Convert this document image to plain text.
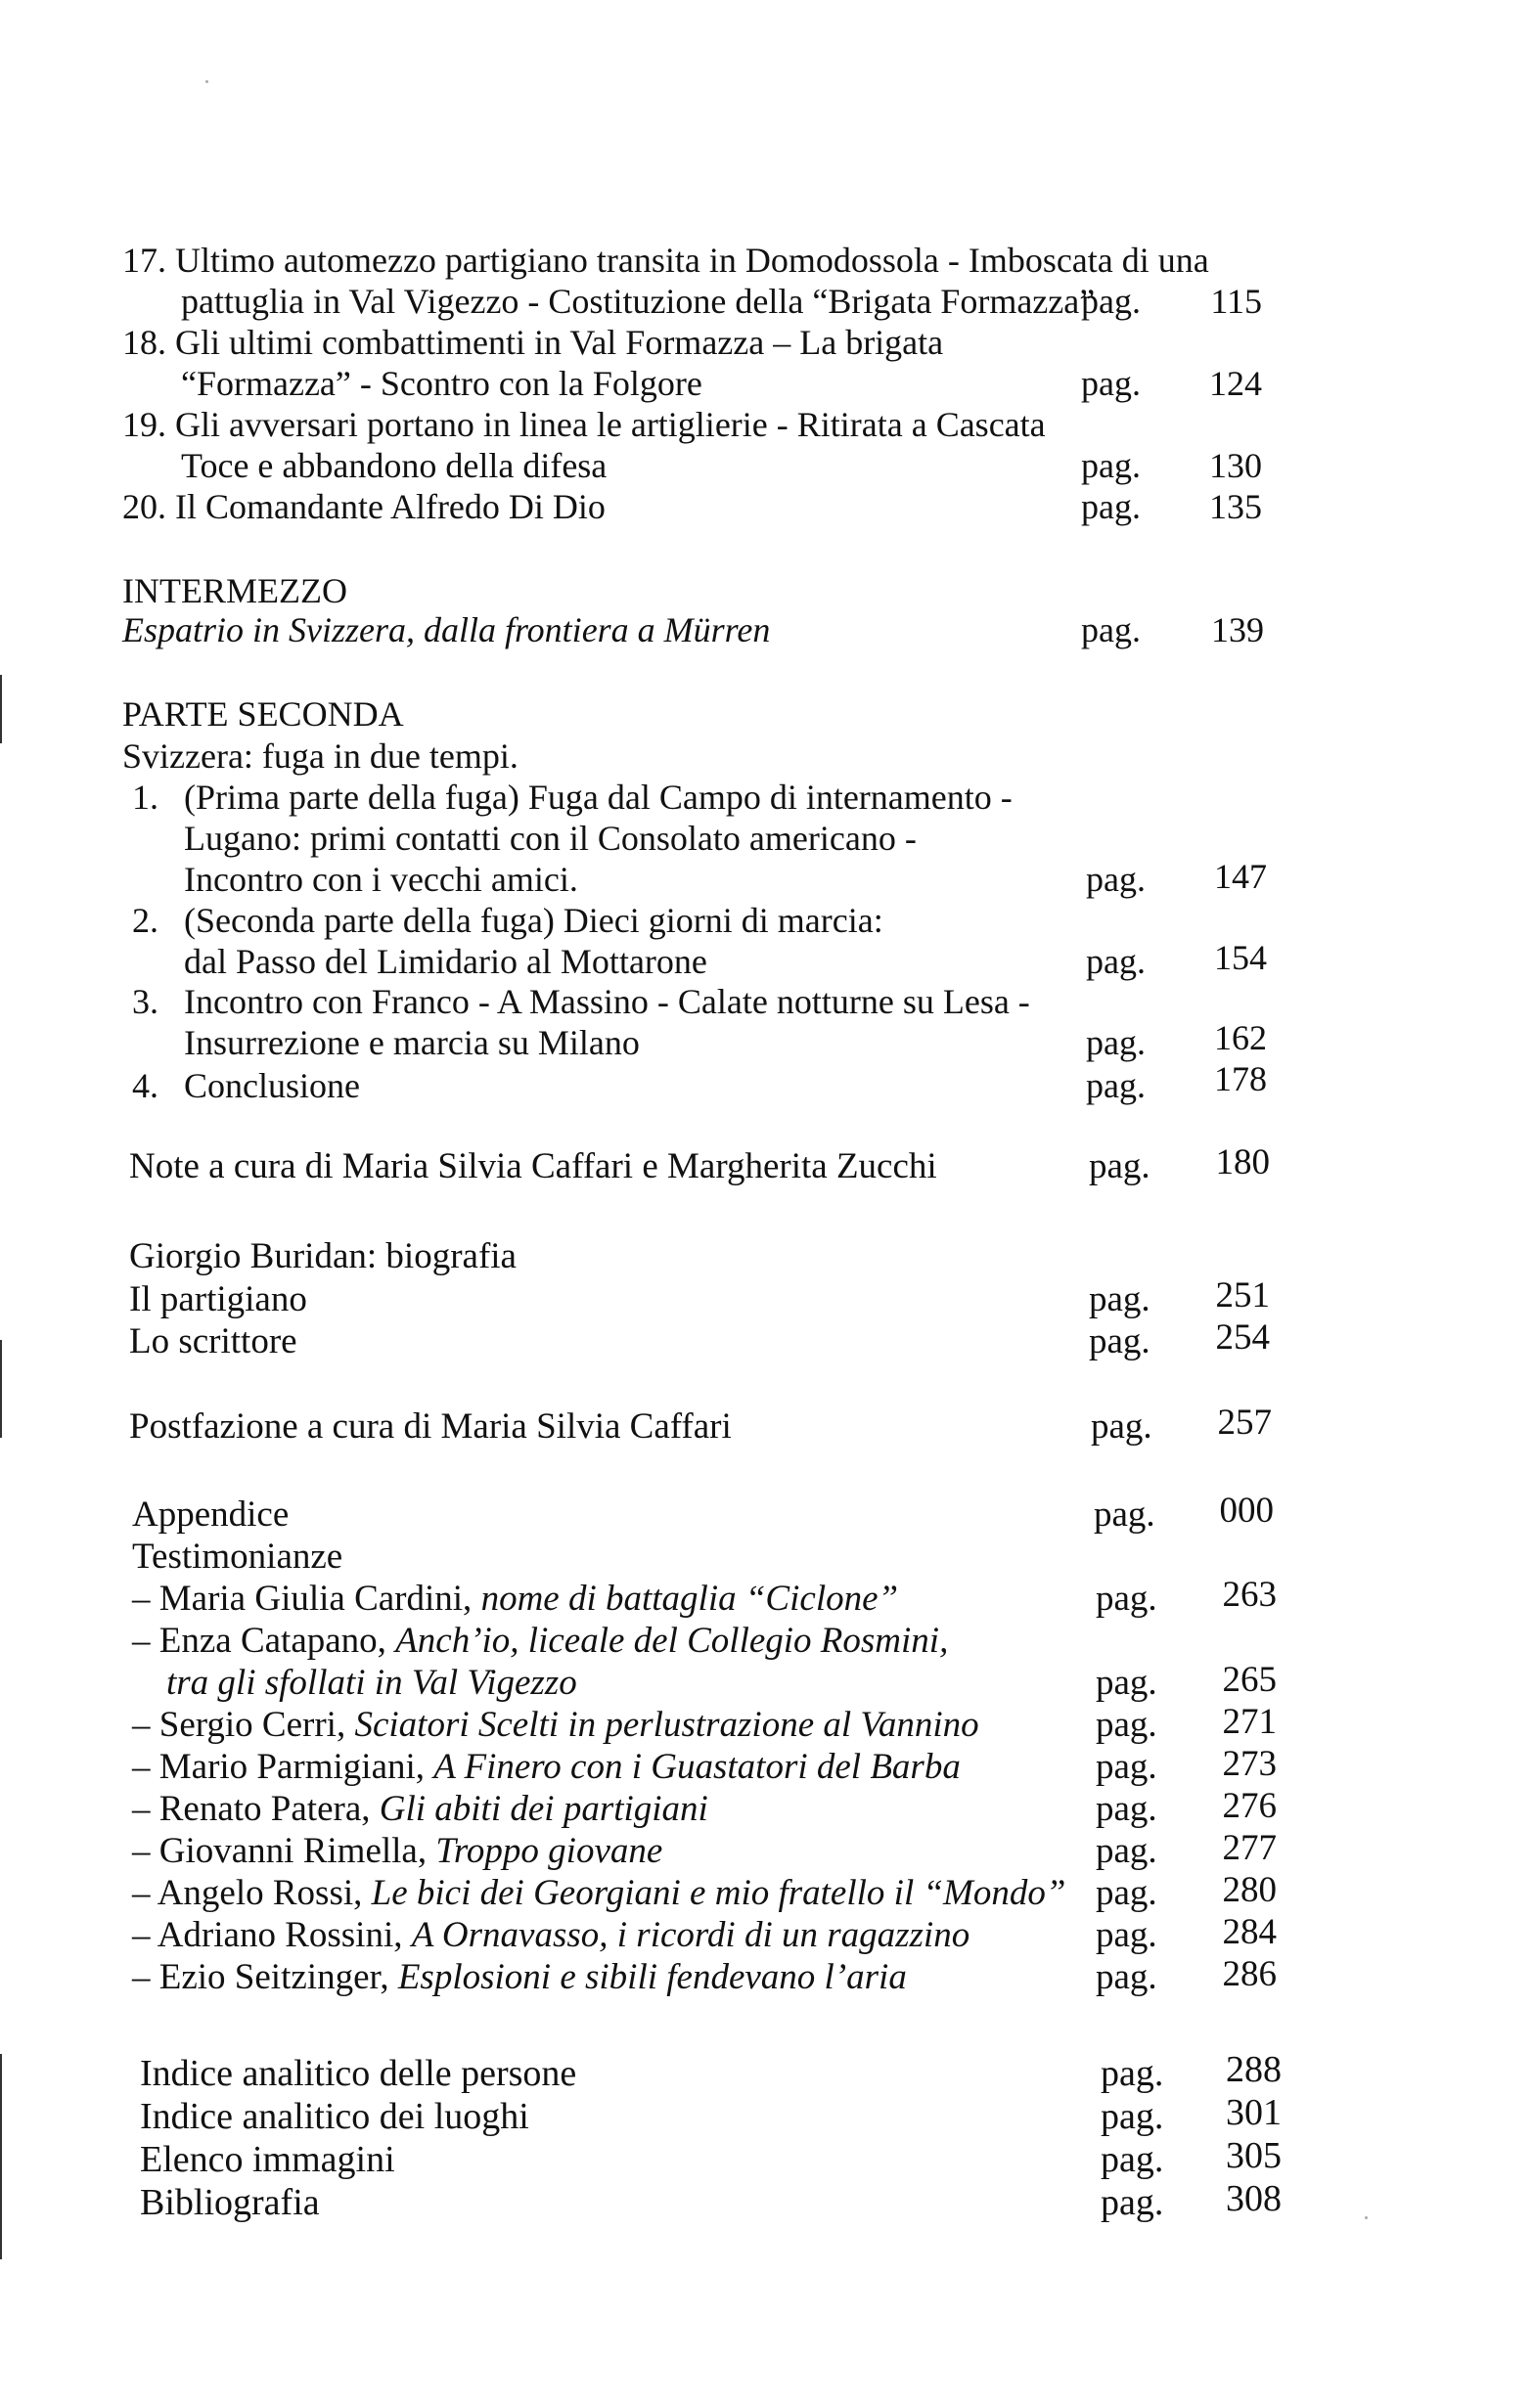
17. Ultimo automezzo partigiano transita in Domodossola - Imboscata di una
pattuglia in Val Vigezzo - Costituzione della “Brigata Formazza”
pag.	115
18. Gli ultimi combattimenti in Val Formazza – La brigata
“Formazza” - Scontro con la Folgore	pag.	124
19. Gli avversari portano in linea le artiglierie - Ritirata a Cascata
Toce e abbandono della difesa	pag.	130
20. Il Comandante Alfredo Di Dio	pag.	135
INTERMEZZO
Espatrio in Svizzera, dalla frontiera a Mürren	pag.	139
PARTE SECONDA
Svizzera: fuga in due tempi.
1. (Prima parte della fuga) Fuga dal Campo di internamento -
Lugano: primi contatti con il Consolato americano -
Incontro con i vecchi amici.	pag.	147
2. (Seconda parte della fuga) Dieci giorni di marcia:
dal Passo del Limidario al Mottarone	pag.	154
3. Incontro con Franco - A Massino - Calate notturne su Lesa -
Insurrezione e marcia su Milano	pag.	162
4. Conclusione	pag.	178
Note a cura di Maria Silvia Caffari e Margherita Zucchi	pag.	180
Giorgio Buridan: biografia
Il partigiano	pag.	251
Lo scrittore	pag.	254
Postfazione a cura di Maria Silvia Caffari	pag.	257
Appendice	pag.	000
Testimonianze
– Maria Giulia Cardini, nome di battaglia “Ciclone”	pag.	263
– Enza Catapano, Anch’io, liceale del Collegio Rosmini,
tra gli sfollati in Val Vigezzo	pag.	265
– Sergio Cerri, Sciatori Scelti in perlustrazione al Vannino	pag.	271
– Mario Parmigiani, A Finero con i Guastatori del Barba	pag.	273
– Renato Patera, Gli abiti dei partigiani	pag.	276
– Giovanni Rimella, Troppo giovane	pag.	277
– Angelo Rossi, Le bici dei Georgiani e mio fratello il “Mondo” pag.	280
– Adriano Rossini, A Ornavasso, i ricordi di un ragazzino	pag.	284
– Ezio Seitzinger, Esplosioni e sibili fendevano l’aria	pag.	286
Indice analitico delle persone	pag.	288
Indice analitico dei luoghi	pag.	301
Elenco immagini	pag.	305
Bibliografia	pag.	308
